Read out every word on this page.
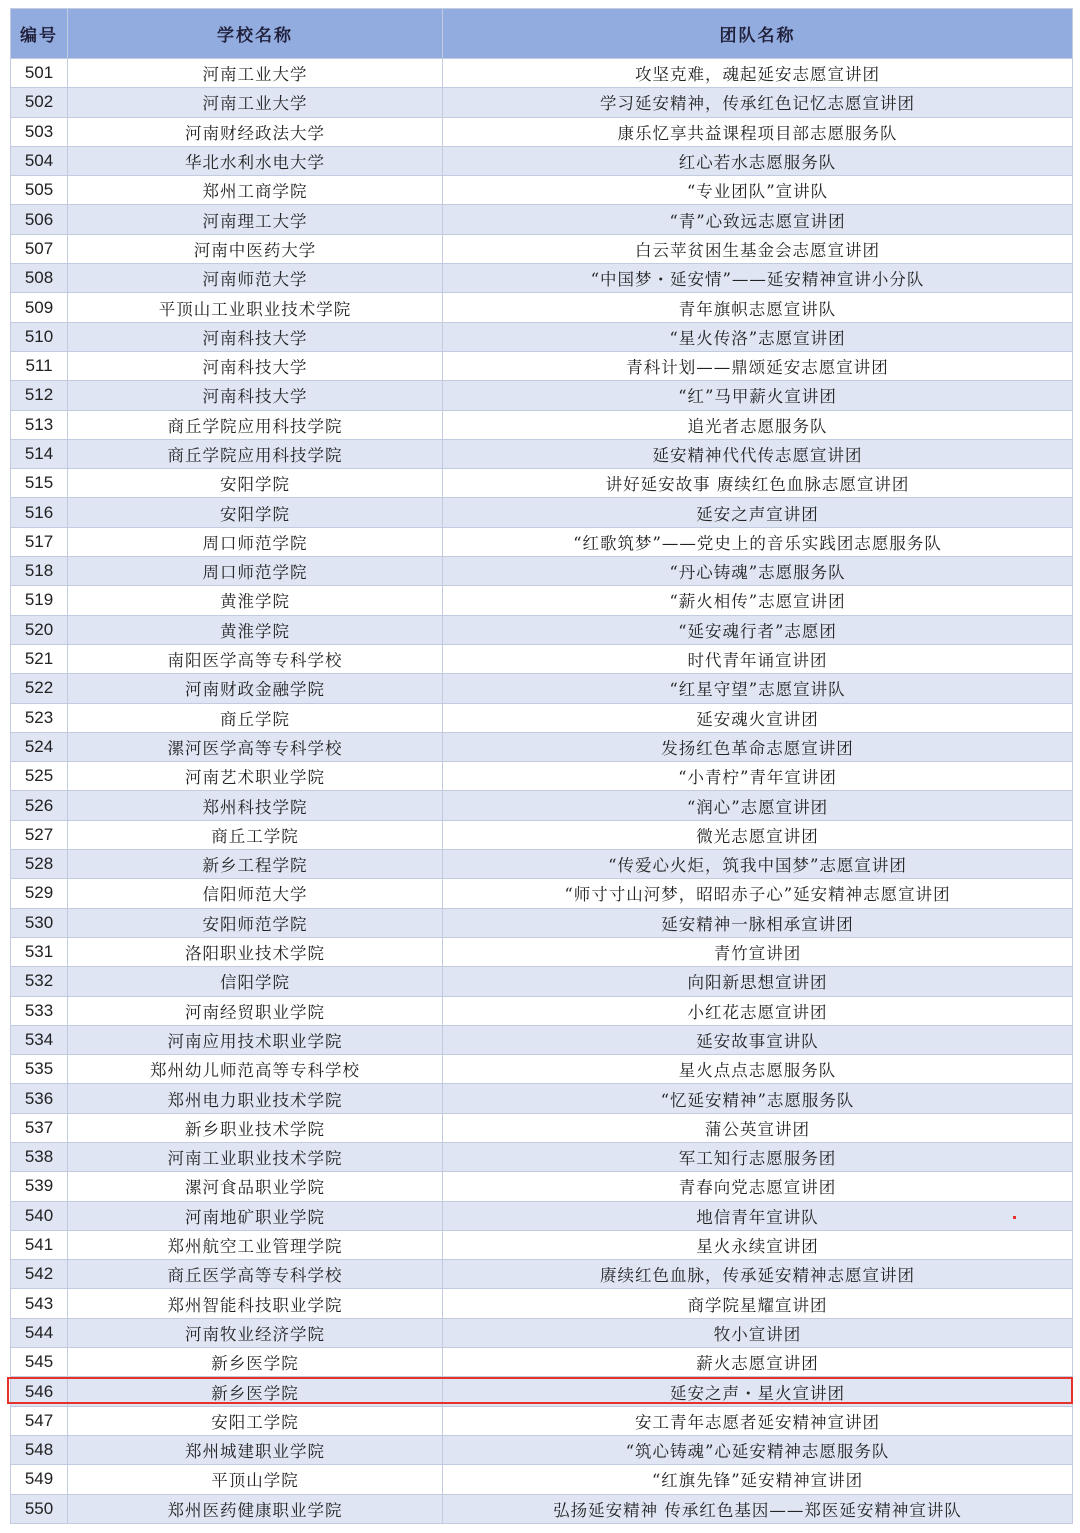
编号	学校名称	团队名称
501	河南工业大学	攻坚克难，魂起延安志愿宣讲团
502	河南工业大学	学习延安精神，传承红色记忆志愿宣讲团
503	河南财经政法大学	康乐忆享共益课程项目部志愿服务队
504	华北水利水电大学	红心若水志愿服务队
505	郑州工商学院	“专业团队”宣讲队
506	河南理工大学	“青”心致远志愿宣讲团
507	河南中医药大学	白云苹贫困生基金会志愿宣讲团
508	河南师范大学	“中国梦・延安情”——延安精神宣讲小分队
509	平顶山工业职业技术学院	青年旗帜志愿宣讲队
510	河南科技大学	“星火传洛”志愿宣讲团
511	河南科技大学	青科计划——鼎颂延安志愿宣讲团
512	河南科技大学	“红”马甲薪火宣讲团
513	商丘学院应用科技学院	追光者志愿服务队
514	商丘学院应用科技学院	延安精神代代传志愿宣讲团
515	安阳学院	讲好延安故事 赓续红色血脉志愿宣讲团
516	安阳学院	延安之声宣讲团
517	周口师范学院	“红歌筑梦”——党史上的音乐实践团志愿服务队
518	周口师范学院	“丹心铸魂”志愿服务队
519	黄淮学院	“薪火相传”志愿宣讲团
520	黄淮学院	“延安魂行者”志愿团
521	南阳医学高等专科学校	时代青年诵宣讲团
522	河南财政金融学院	“红星守望”志愿宣讲队
523	商丘学院	延安魂火宣讲团
524	漯河医学高等专科学校	发扬红色革命志愿宣讲团
525	河南艺术职业学院	“小青柠”青年宣讲团
526	郑州科技学院	“润心”志愿宣讲团
527	商丘工学院	微光志愿宣讲团
528	新乡工程学院	“传爱心火炬，筑我中国梦”志愿宣讲团
529	信阳师范大学	“师寸寸山河梦，昭昭赤子心”延安精神志愿宣讲团
530	安阳师范学院	延安精神一脉相承宣讲团
531	洛阳职业技术学院	青竹宣讲团
532	信阳学院	向阳新思想宣讲团
533	河南经贸职业学院	小红花志愿宣讲团
534	河南应用技术职业学院	延安故事宣讲队
535	郑州幼儿师范高等专科学校	星火点点志愿服务队
536	郑州电力职业技术学院	“忆延安精神”志愿服务队
537	新乡职业技术学院	蒲公英宣讲团
538	河南工业职业技术学院	军工知行志愿服务团
539	漯河食品职业学院	青春向党志愿宣讲团
540	河南地矿职业学院	地信青年宣讲队
541	郑州航空工业管理学院	星火永续宣讲团
542	商丘医学高等专科学校	赓续红色血脉，传承延安精神志愿宣讲团
543	郑州智能科技职业学院	商学院星耀宣讲团
544	河南牧业经济学院	牧小宣讲团
545	新乡医学院	薪火志愿宣讲团
546	新乡医学院	延安之声・星火宣讲团
547	安阳工学院	安工青年志愿者延安精神宣讲团
548	郑州城建职业学院	“筑心铸魂”心延安精神志愿服务队
549	平顶山学院	“红旗先锋”延安精神宣讲团
550	郑州医药健康职业学院	弘扬延安精神 传承红色基因——郑医延安精神宣讲队
